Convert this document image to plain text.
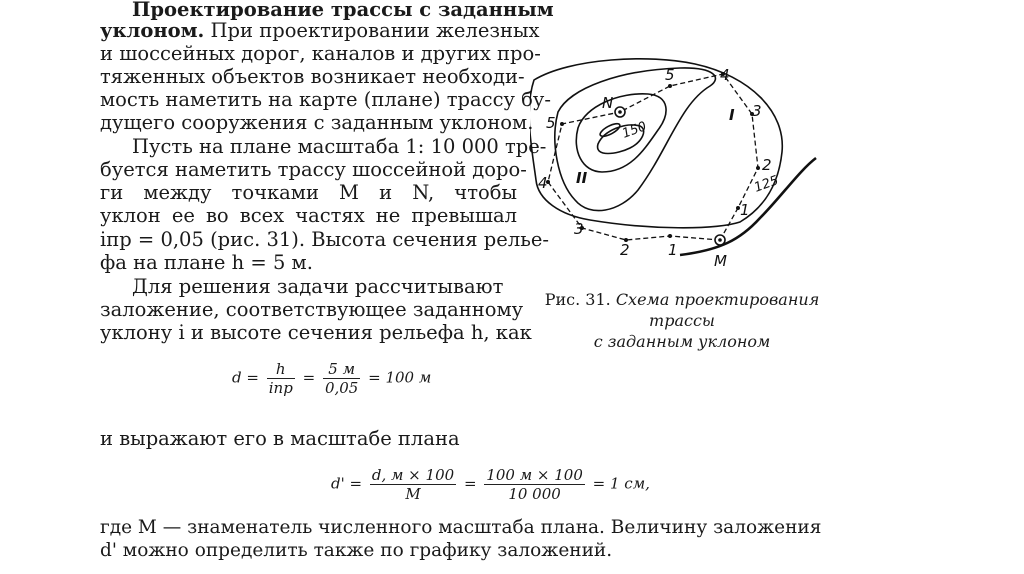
Проектирование трассы с заданным
уклоном. При проектировании железных
и шоссейных дорог, каналов и других про-
тяженных объектов возникает необходи-
мость наметить на карте (плане) трассу бу-
дущего сооружения с заданным уклоном.
Пусть на плане масштаба 1: 10 000 тре-
буется наметить трассу шоссейной доро-
ги между точками M и N, чтобы
уклон ее во всех частях не превышал
iпр = 0,05 (рис. 31). Высота сечения релье-
фа на плане h = 5 м.
Для решения задачи рассчитывают
заложение, соответствующее заданному
уклону i и высоте сечения рельефа h, как
$d = \frac{h}{\text{iпр}} = \frac{5 м}{0,05} = 100$ м
и выражают его в масштабе плана
$d' = \frac{d, м \times 100}{M} = \frac{100 м \times 100}{10 000} = 1$ см,
где M — знаменатель численного масштаба плана. Величину заложения
d' можно определить также по графику заложений.
N
M
150
125
I
II
5
5	4
4
3
3
2
2
1
1
Рис. 31. Схема проектирования
трассы
с заданным уклоном
